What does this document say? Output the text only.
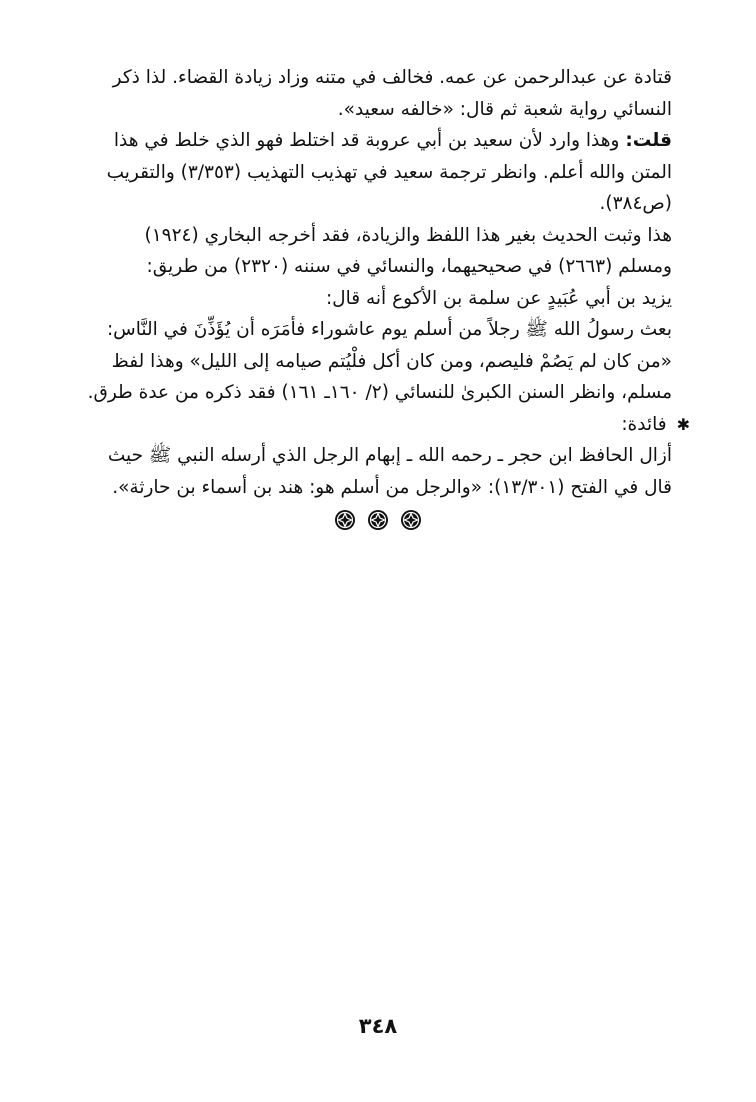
قتادة عن عبدالرحمن عن عمه. فخالف في متنه وزاد زيادة القضاء. لذا ذكر
النسائي رواية شعبة ثم قال: «خالفه سعيد».
قلت: وهذا وارد لأن سعيد بن أبي عروبة قد اختلط فهو الذي خلط في هذا
المتن والله أعلم. وانظر ترجمة سعيد في تهذيب التهذيب (٣/٣٥٣) والتقريب
(ص٣٨٤).
هذا وثبت الحديث بغير هذا اللفظ والزيادة، فقد أخرجه البخاري (١٩٢٤)
ومسلم (٢٦٦٣) في صحيحيهما، والنسائي في سننه (٢٣٢٠) من طريق:
يزيد بن أبي عُبَيدٍ عن سلمة بن الأكوع أنه قال:
بعث رسولُ الله ﷺ رجلاً من أسلم يوم عاشوراء فأمَرَه أن يُؤَذِّنَ في النَّاس:
«من كان لم يَصُمْ فليصم، ومن كان أكل فلْيُتم صيامه إلى الليل» وهذا لفظ
مسلم، وانظر السنن الكبرىٰ للنسائي (٢/ ١٦٠ـ ١٦١) فقد ذكره من عدة طرق.
✱فائدة:
أزال الحافظ ابن حجر ـ رحمه الله ـ إبهام الرجل الذي أرسله النبي ﷺ حيث
قال في الفتح (١٣/٣٠١): «والرجل من أسلم هو: هند بن أسماء بن حارثة».

٣٤٨
